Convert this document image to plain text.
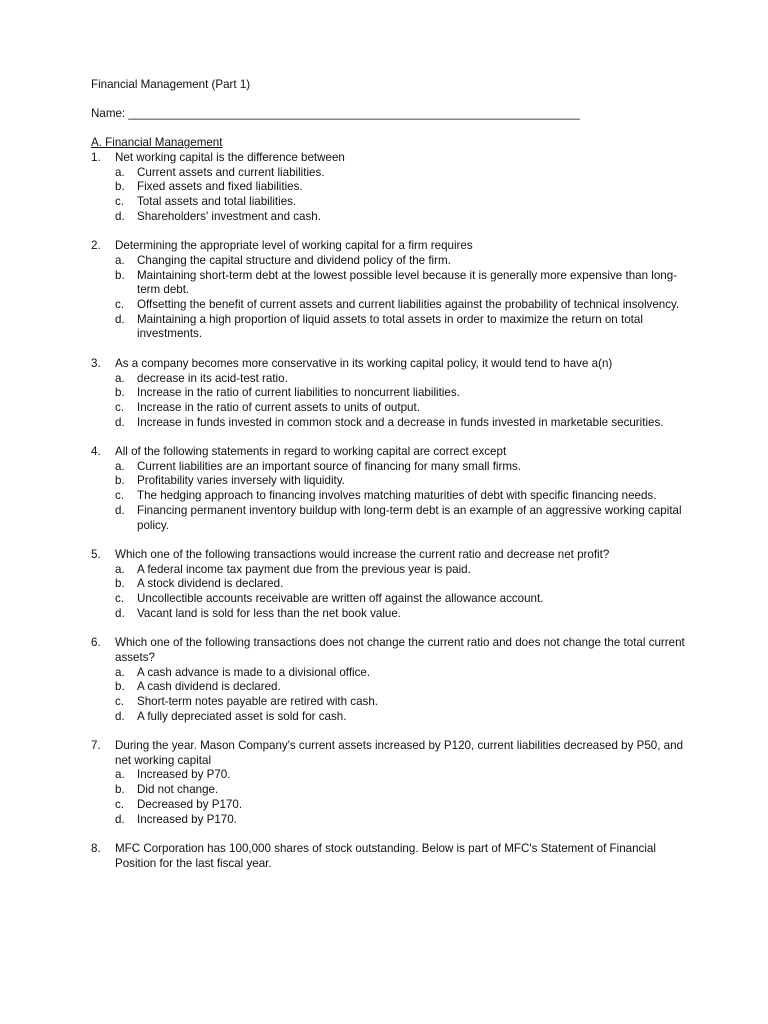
Financial Management (Part 1)
Name: ______________________________________________________________________
A. Financial Management
1.	Net working capital is the difference between
a.	Current assets and current liabilities.
b.	Fixed assets and fixed liabilities.
c.	Total assets and total liabilities.
d.	Shareholders' investment and cash.
2.	Determining the appropriate level of working capital for a firm requires
a.	Changing the capital structure and dividend policy of the firm.
b.	Maintaining short-term debt at the lowest possible level because it is generally more expensive than long-term debt.
c.	Offsetting the benefit of current assets and current liabilities against the probability of technical insolvency.
d.	Maintaining a high proportion of liquid assets to total assets in order to maximize the return on total investments.
3.	As a company becomes more conservative in its working capital policy, it would tend to have a(n)
a.	decrease in its acid-test ratio.
b.	Increase in the ratio of current liabilities to noncurrent liabilities.
c.	Increase in the ratio of current assets to units of output.
d.	Increase in funds invested in common stock and a decrease in funds invested in marketable securities.
4.	All of the following statements in regard to working capital are correct except
a.	Current liabilities are an important source of financing for many small firms.
b.	Profitability varies inversely with liquidity.
c.	The hedging approach to financing involves matching maturities of debt with specific financing needs.
d.	Financing permanent inventory buildup with long-term debt is an example of an aggressive working capital policy.
5.	Which one of the following transactions would increase the current ratio and decrease net profit?
a.	A federal income tax payment due from the previous year is paid.
b.	A stock dividend is declared.
c.	Uncollectible accounts receivable are written off against the allowance account.
d.	Vacant land is sold for less than the net book value.
6.	Which one of the following transactions does not change the current ratio and does not change the total current assets?
a.	A cash advance is made to a divisional office.
b.	A cash dividend is declared.
c.	Short-term notes payable are retired with cash.
d.	A fully depreciated asset is sold for cash.
7.	During the year. Mason Company's current assets increased by P120, current liabilities decreased by P50, and net working capital
a.	Increased by P70.
b.	Did not change.
c.	Decreased by P170.
d.	Increased by P170.
8.	MFC Corporation has 100,000 shares of stock outstanding. Below is part of MFC's Statement of Financial Position for the last fiscal year.
